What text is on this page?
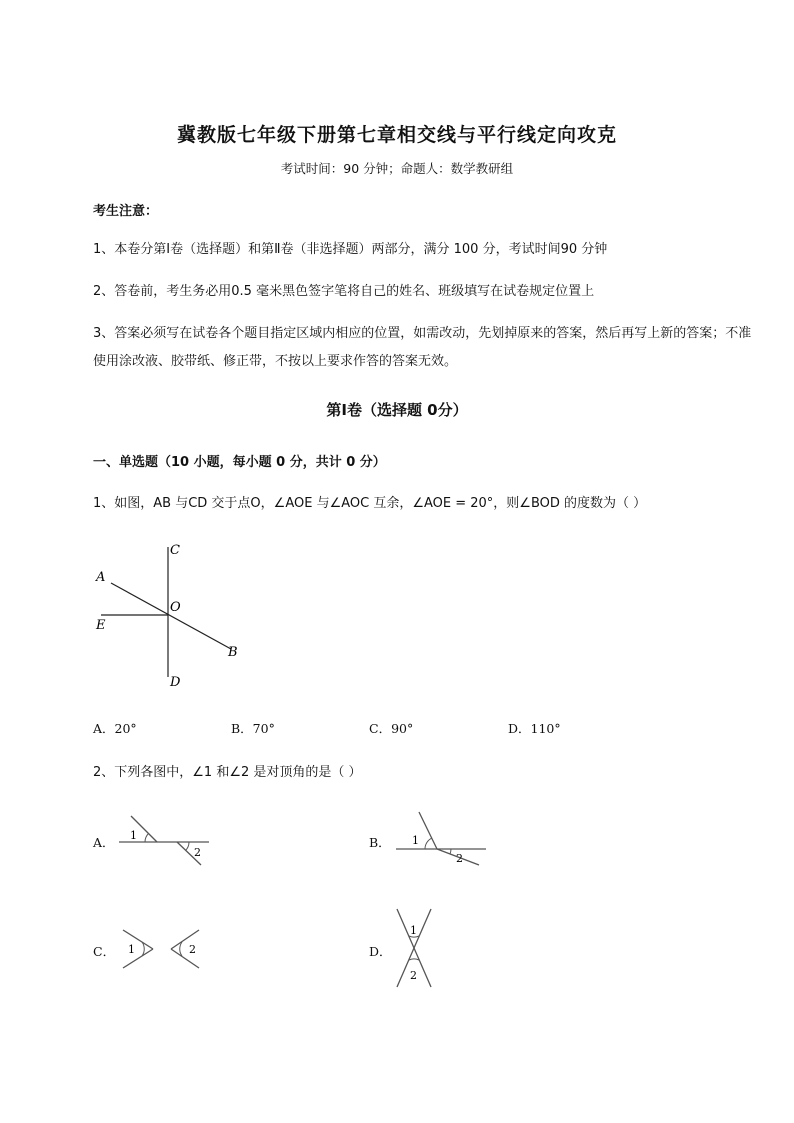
冀教版七年级下册第七章相交线与平行线定向攻克
考试时间：90 分钟；命题人：数学教研组
考生注意：
1、本卷分第Ⅰ卷（选择题）和第Ⅱ卷（非选择题）两部分，满分 100 分，考试时间90 分钟
2、答卷前，考生务必用0.5 毫米黑色签字笔将自己的姓名、班级填写在试卷规定位置上
3、答案必须写在试卷各个题目指定区域内相应的位置，如需改动，先划掉原来的答案，然后再写上新的答案；不准使用涂改液、胶带纸、修正带，不按以上要求作答的答案无效。
第Ⅰ卷（选择题 0分）
一、单选题（10 小题，每小题 0 分，共计 0 分）
1、如图，AB 与CD 交于点O，∠AOE 与∠AOC 互余，∠AOE = 20°，则∠BOD 的度数为（ ）
C
A
O
E
B
D
A．20°	B．70°	C．90°	D．110°
2、下列各图中，∠1 和∠2 是对顶角的是（ ）
A． 1
2
B． 1
2
C． 1	2	D．
1
2
